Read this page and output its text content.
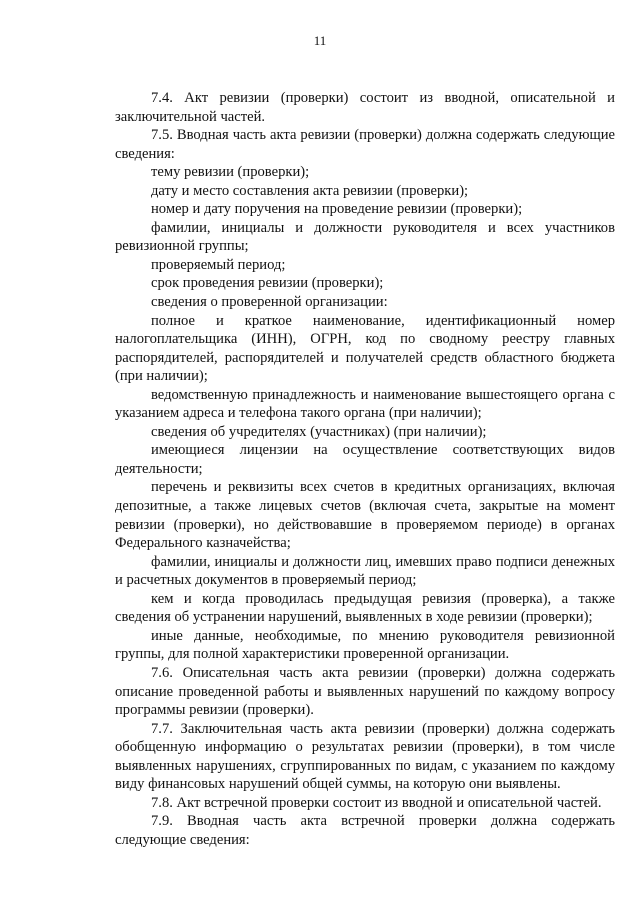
11

7.4. Акт ревизии (проверки) состоит из вводной, описательной и заключительной частей.

7.5. Вводная часть акта ревизии (проверки) должна содержать следующие сведения:

тему ревизии (проверки);

дату и место составления акта ревизии (проверки);

номер и дату поручения на проведение ревизии (проверки);

фамилии, инициалы и должности руководителя и всех участников ревизионной группы;

проверяемый период;

срок проведения ревизии (проверки);

сведения о проверенной организации:

полное и краткое наименование, идентификационный номер налогоплательщика (ИНН), ОГРН, код по сводному реестру главных распорядителей, распорядителей и получателей средств областного бюджета (при наличии);

ведомственную принадлежность и наименование вышестоящего органа с указанием адреса и телефона такого органа (при наличии);

сведения об учредителях (участниках) (при наличии);

имеющиеся лицензии на осуществление соответствующих видов деятельности;

перечень и реквизиты всех счетов в кредитных организациях, включая депозитные, а также лицевых счетов (включая счета, закрытые на момент ревизии (проверки), но действовавшие в проверяемом периоде) в органах Федерального казначейства;

фамилии, инициалы и должности лиц, имевших право подписи денежных и расчетных документов в проверяемый период;

кем и когда проводилась предыдущая ревизия (проверка), а также сведения об устранении нарушений, выявленных в ходе ревизии (проверки);

иные данные, необходимые, по мнению руководителя ревизионной группы, для полной характеристики проверенной организации.

7.6. Описательная часть акта ревизии (проверки) должна содержать описание проведенной работы и выявленных нарушений по каждому вопросу программы ревизии (проверки).

7.7. Заключительная часть акта ревизии (проверки) должна содержать обобщенную информацию о результатах ревизии (проверки), в том числе выявленных нарушениях, сгруппированных по видам, с указанием по каждому виду финансовых нарушений общей суммы, на которую они выявлены.

7.8. Акт встречной проверки состоит из вводной и описательной частей.

7.9. Вводная часть акта встречной проверки должна содержать следующие сведения:
